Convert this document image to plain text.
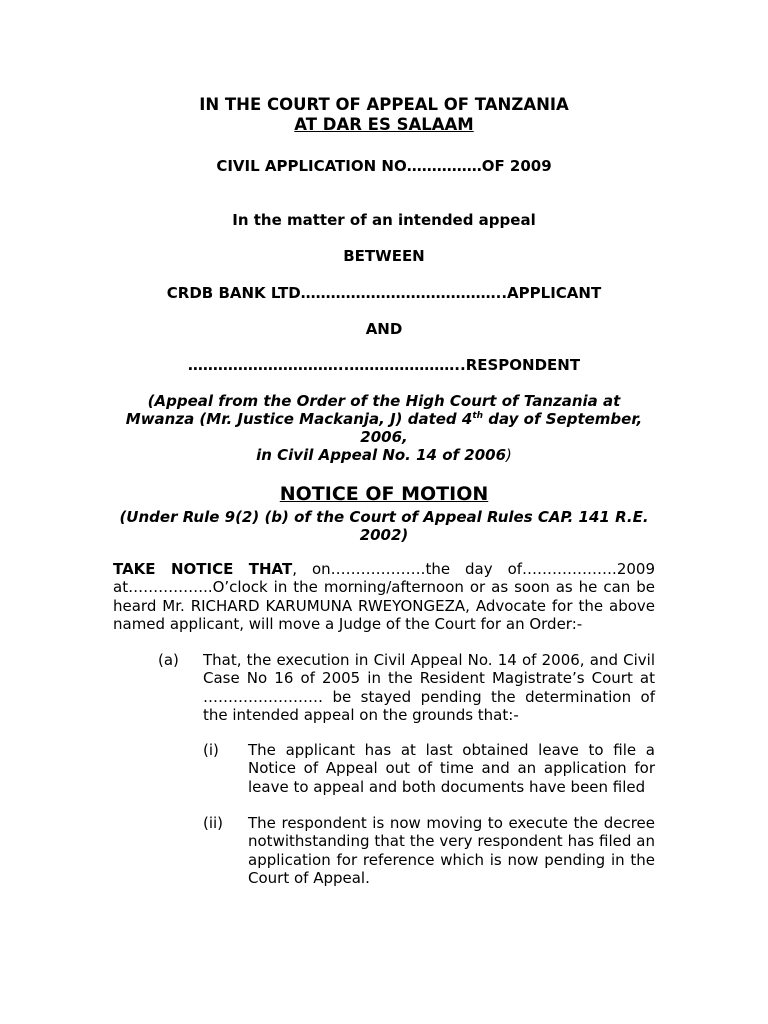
IN THE COURT OF APPEAL OF TANZANIA
AT DAR ES SALAAM
CIVIL APPLICATION NO……………OF 2009
In the matter of an intended appeal
BETWEEN
CRDB BANK LTD…………………………………..APPLICANT
AND
…………………………..…………………..RESPONDENT
(Appeal from the Order of the High Court of Tanzania at
Mwanza (Mr. Justice Mackanja, J) dated 4th day of September,
2006,
in Civil Appeal No. 14 of 2006)
NOTICE OF MOTION
(Under Rule 9(2) (b) of the Court of Appeal Rules CAP. 141 R.E. 2002)
TAKE NOTICE THAT, on……………….the day of……………….2009 at……………..O’clock in the morning/afternoon or as soon as he can be heard Mr. RICHARD KARUMUNA RWEYONGEZA, Advocate for the above named applicant, will move a Judge of the Court for an Order:-
(a) That, the execution in Civil Appeal No. 14 of 2006, and Civil Case No 16 of 2005 in the Resident Magistrate’s Court at …………………… be stayed pending the determination of the intended appeal on the grounds that:-
(i) The applicant has at last obtained leave to file a Notice of Appeal out of time and an application for leave to appeal and both documents have been filed
(ii) The respondent is now moving to execute the decree notwithstanding that the very respondent has filed an application for reference which is now pending in the Court of Appeal.
